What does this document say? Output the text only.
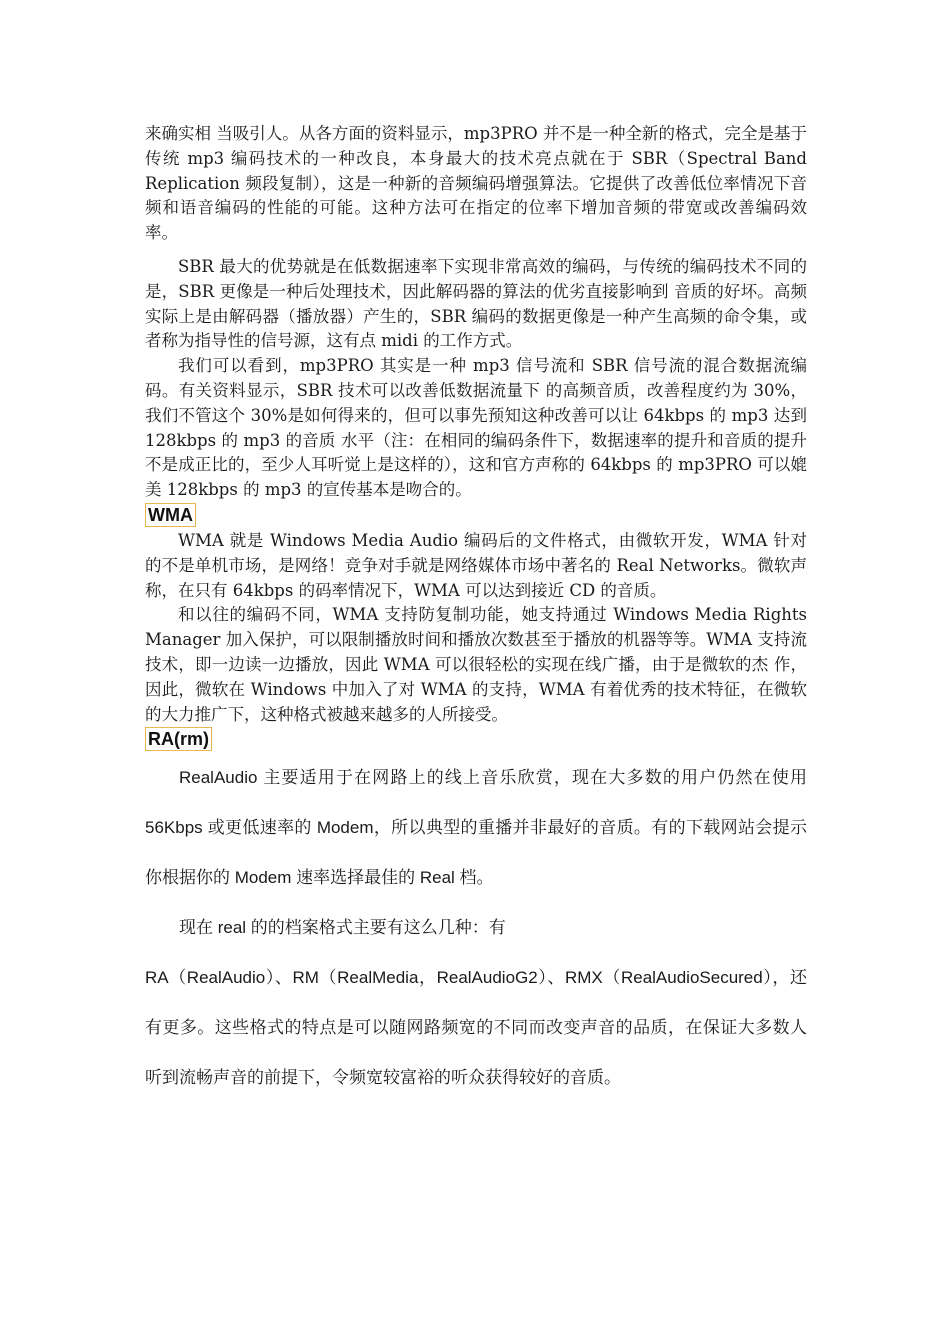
来确实相 当吸引人。从各方面的资料显示，mp3PRO 并不是一种全新的格式，完全是基于传统 mp3 编码技术的一种改良，本身最大的技术亮点就在于 SBR（Spectral Band Replication 频段复制），这是一种新的音频编码增强算法。它提供了改善低位率情况下音频和语音编码的性能的可能。这种方法可在指定的位率下增加音频的带宽或改善编码效　率。

SBR 最大的优势就是在低数据速率下实现非常高效的编码，与传统的编码技术不同的是，SBR 更像是一种后处理技术，因此解码器的算法的优劣直接影响到 音质的好坏。高频实际上是由解码器（播放器）产生的，SBR 编码的数据更像是一种产生高频的命令集，或者称为指导性的信号源，这有点 midi 的工作方式。

我们可以看到，mp3PRO 其实是一种 mp3 信号流和 SBR 信号流的混合数据流编码。有关资料显示，SBR 技术可以改善低数据流量下 的高频音质，改善程度约为 30%，我们不管这个 30%是如何得来的，但可以事先预知这种改善可以让 64kbps 的 mp3 达到 128kbps 的 mp3 的音质 水平（注：在相同的编码条件下，数据速率的提升和音质的提升不是成正比的，至少人耳听觉上是这样的），这和官方声称的 64kbps 的 mp3PRO 可以媲美 128kbps 的 mp3 的宣传基本是吻合的。

WMA

WMA 就是 Windows Media Audio 编码后的文件格式，由微软开发，WMA 针对的不是单机市场，是网络！竞争对手就是网络媒体市场中著名的 Real Networks。微软声称，在只有 64kbps 的码率情况下，WMA 可以达到接近 CD 的音质。

和以往的编码不同，WMA 支持防复制功能，她支持通过 Windows Media Rights Manager 加入保护，可以限制播放时间和播放次数甚至于播放的机器等等。WMA 支持流技术，即一边读一边播放，因此 WMA 可以很轻松的实现在线广播，由于是微软的杰 作，因此，微软在 Windows 中加入了对 WMA 的支持，WMA 有着优秀的技术特征，在微软的大力推广下，这种格式被越来越多的人所接受。

RA(rm)

RealAudio 主要适用于在网路上的线上音乐欣赏，现在大多数的用户仍然在使用 56Kbps 或更低速率的 Modem，所以典型的重播并非最好的音质。有的下载网站会提示你根据你的 Modem 速率选择最佳的 Real 档。

现在 real 的的档案格式主要有这么几种：有

RA（RealAudio）、RM（RealMedia，RealAudioG2）、RMX（RealAudioSecured），还有更多。这些格式的特点是可以随网路频宽的不同而改变声音的品质，在保证大多数人听到流畅声音的前提下，令频宽较富裕的听众获得较好的音质。
